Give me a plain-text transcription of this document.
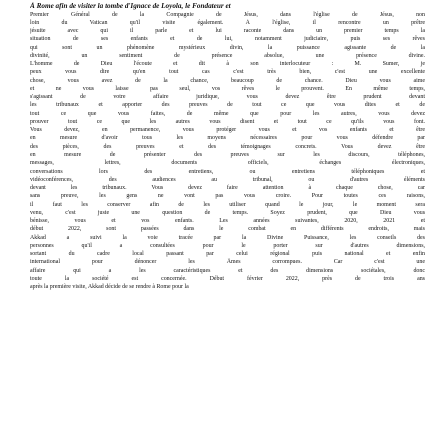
À Rome afin de visiter la tombe d'Ignace de Loyola, le Fondateur et

Premier Général de la Compagnie de Jésus, dans l'église de Jésus, non

loin du Vatican qu'il visite également. À l'église, il rencontre un prêtre

jésuite avec qui il parle et lui raconte dans un premier temps la

situation de ses enfants et de lui, notamment judiciaire, puis ses rêves

qui sont un phénomène mystérieux divin, la puissance agissante de la

divinité, un sentiment de présence absolue, une présence divine.

L'homme de Dieu l'écoute et dit à son interlocuteur : M. Sumer, je

peux vous dire qu'en tout cas c'est très bien, c'est une excellente

chose, vous avez de la chance, beaucoup de chance. Dieu vous aime

et ne vous laisse pas seul, vos rêves le prouvent. En même temps,

s'agissant de votre affaire juridique, vous devez être prudent devant

les tribunaux et apporter des preuves de tout ce que vous dites et de

tout ce que vous faites, de même que pour les autres, vous devez

prouver tout ce que les autres vous disent et tout ce qu'ils vous font.

Vous devez, en permanence, vous protéger vous et vos enfants et être

en mesure d'avoir tous les moyens nécessaires pour vous défendre par

des pièces, des preuves et des témoignages concrets. Vous devez être

en mesure de présenter des preuves sur les discours, téléphones,

messages, lettres, documents officiels, échanges électroniques,

conversations lors des entretiens, ou entretiens téléphoniques et

vidéoconférences, des audiences au tribunal, ou d'autres éléments

devant les tribunaux. Vous devez faire attention à chaque chose, car

sans preuve, les gens ne vont pas vous croire. Pour toutes ces raisons,

il faut les conserver afin de les utiliser quand le jour, le moment sera

venu, c'est juste une question de temps. Soyez prudent, que Dieu vous

bénisse, vous et vos enfants. Les années suivantes, 2020, 2021 et

début 2022, sont passées dans le combat en différents endroits, mais

Akkad a suivi la voie tracée par la Divine Puissance, les conseils des

personnes qu'il a consultées pour le porter sur d'autres dimensions,

sortant du cadre local passant par celui régional puis national et enfin

international pour dénoncer les Âmes corrompues. Car c'est une

affaire qui a les caractéristiques et des dimensions sociétales, donc

toute la société est concernée. Début février 2022, près de trois ans

après la première visite, Akkad décide de se rendre à Rome pour la
